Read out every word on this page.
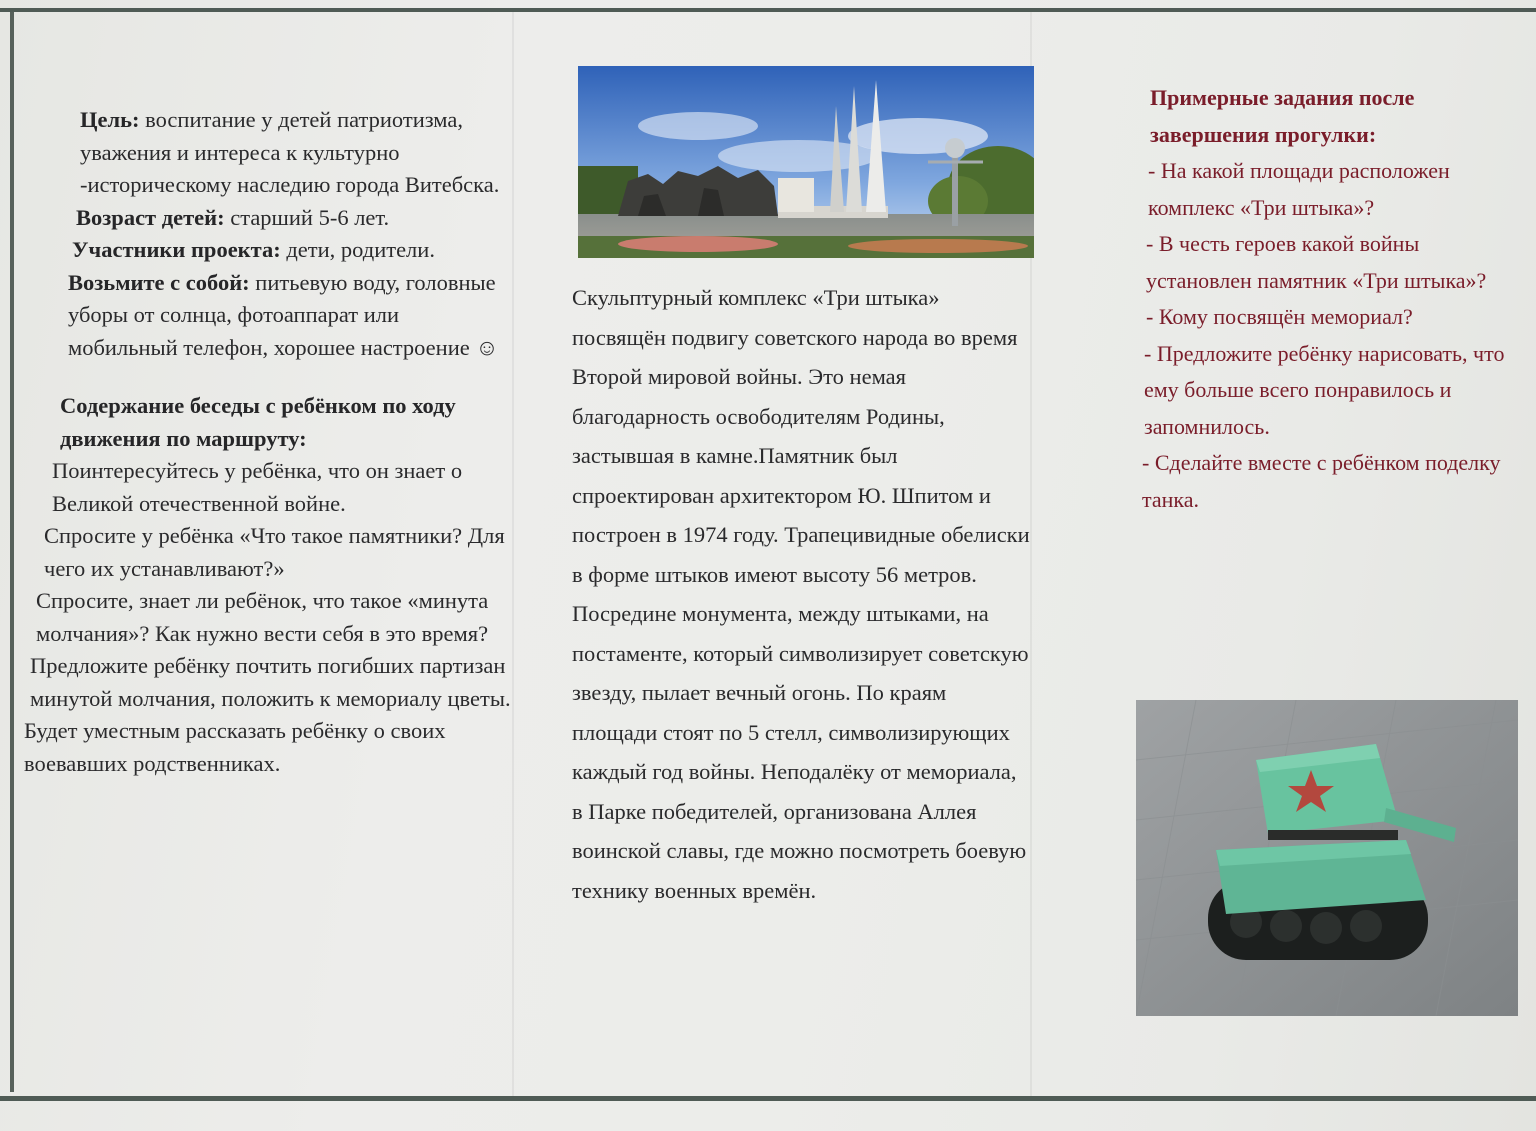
Цель: воспитание у детей патриотизма, уважения и интереса к культурно -историческому наследию города Витебска.

Возраст детей: старший 5-6 лет.

Участники проекта: дети, родители.

Возьмите с собой: питьевую воду, головные уборы от солнца, фотоаппарат или мобильный телефон, хорошее настроение ☺

Содержание беседы с ребёнком по ходу движения по маршруту:

Поинтересуйтесь у ребёнка, что он знает о Великой отечественной войне.

Спросите у ребёнка «Что такое памятники? Для чего их устанавливают?»

Спросите, знает ли ребёнок, что такое «минута молчания»? Как нужно вести себя в это время?

Предложите ребёнку почтить погибших партизан минутой молчания, положить к мемориалу цветы.

Будет уместным рассказать ребёнку о своих воевавших родственниках.

Скульптурный комплекс «Три штыка» посвящён подвигу советского народа во время Второй мировой войны. Это немая благодарность освободителям Родины, застывшая в камне.Памятник был спроектирован архитектором Ю. Шпитом и построен в 1974 году. Трапецивидные обелиски в форме штыков имеют высоту 56 метров. Посредине монумента, между штыками, на постаменте, который символизирует советскую звезду, пылает вечный огонь. По краям площади стоят по 5 стелл, символизирующих каждый год войны. Неподалёку от мемориала, в Парке победителей, организована Аллея воинской славы, где можно посмотреть боевую технику военных времён.

Примерные задания после завершения прогулки:

- На какой площади расположен комплекс «Три штыка»?

- В честь героев какой войны установлен памятник «Три штыка»?

- Кому посвящён мемориал?

- Предложите ребёнку нарисовать, что ему больше всего понравилось и запомнилось.

- Сделайте вместе с ребёнком поделку танка.
